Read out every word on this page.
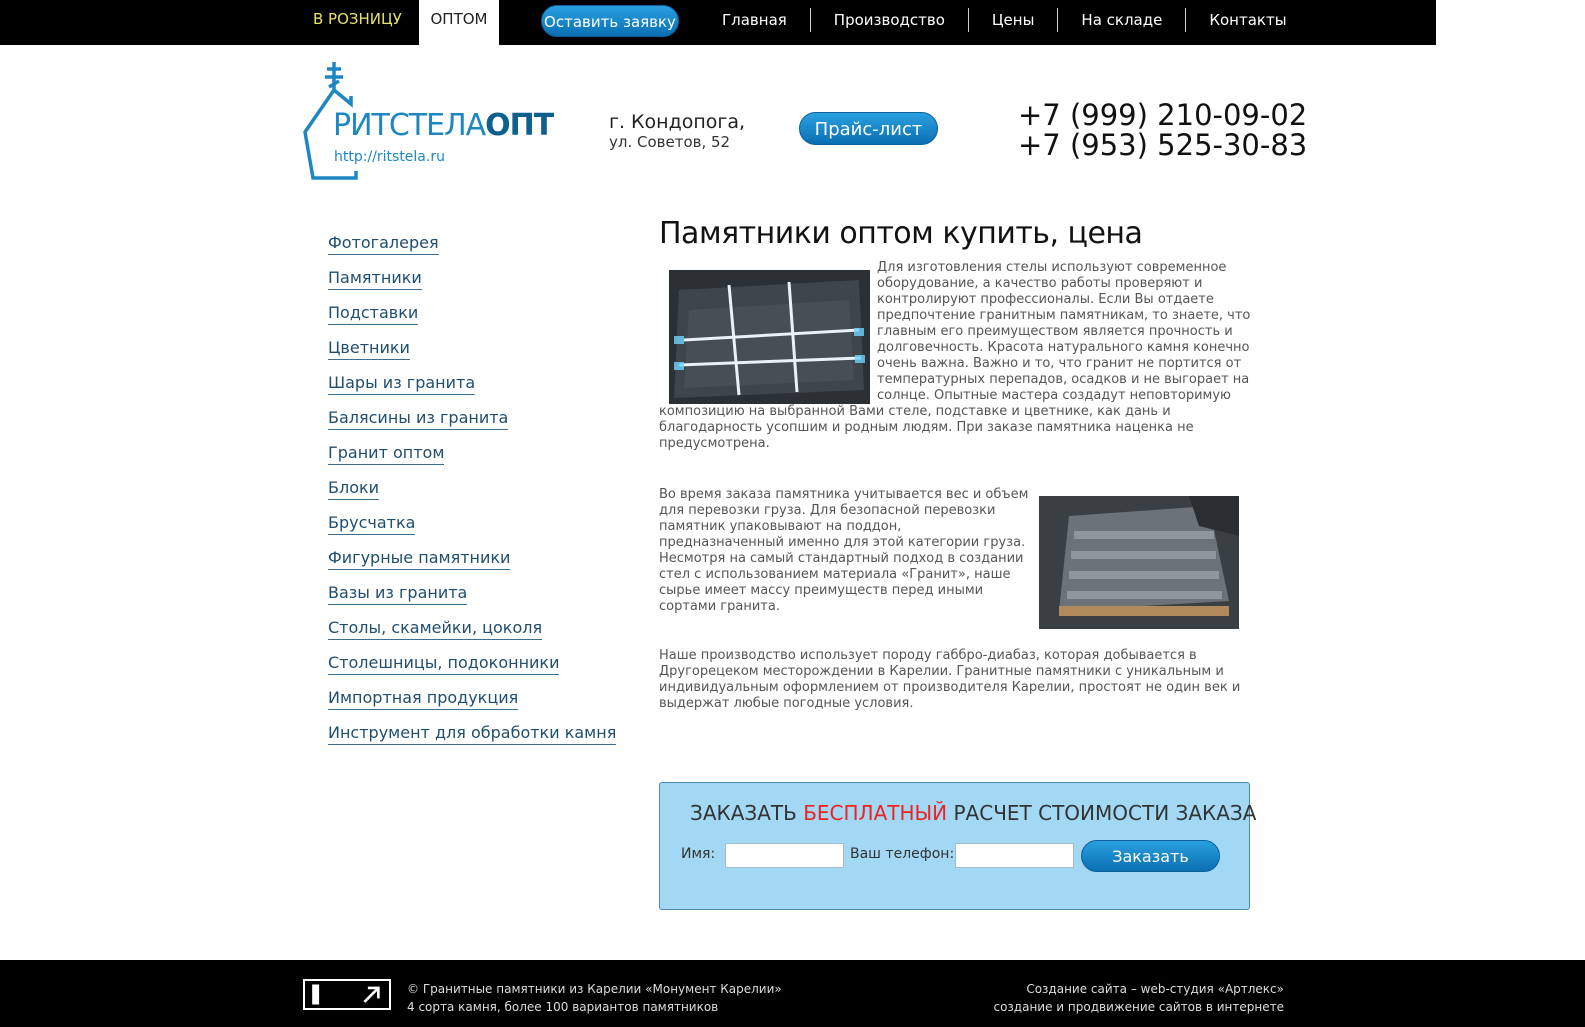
В РОЗНИЦУ	ОПТОМ	Оставить заявку	Главная	Производство	Цены	На складе	Контакты
РИТСТЕЛАОПТ
http://ritstela.ru
г. Кондопога,
ул. Советов, 52
Прайс-лист	+7 (999) 210-09-02
+7 (953) 525-30-83
Фотогалерея
Памятники
Подставки
Цветники
Шары из гранита
Балясины из гранита
Гранит оптом
Блоки
Брусчатка
Фигурные памятники
Вазы из гранита
Столы, скамейки, цоколя
Столешницы, подоконники
Импортная продукция
Инструмент для обработки камня
Памятники оптом купить, цена
Для изготовления стелы используют современное оборудование, а качество работы проверяют и контролируют профессионалы. Если Вы отдаете предпочтение гранитным памятникам, то знаете, что главным его преимуществом является прочность и долговечность. Красота натурального камня конечно очень важна. Важно и то, что гранит не портится от температурных перепадов, осадков и не выгорает на солнце. Опытные мастера создадут неповторимую композицию на выбранной Вами стеле, подставке и цветнике, как дань и благодарность усопшим и родным людям. При заказе памятника наценка не предусмотрена.
Во время заказа памятника учитывается вес и объем для перевозки груза. Для безопасной перевозки памятник упаковывают на поддон, предназначенный именно для этой категории груза. Несмотря на самый стандартный подход в создании стел с использованием материала «Гранит», наше сырье имеет массу преимуществ перед иными сортами гранита.
Наше производство использует породу габбро-диабаз, которая добывается в Другорецеком месторождении в Карелии. Гранитные памятники с уникальным и индивидуальным оформлением от производителя Карелии, простоят не один век и выдержат любые погодные условия.
ЗАКАЗАТЬ БЕСПЛАТНЫЙ РАСЧЕТ СТОИМОСТИ ЗАКАЗА
Имя:	Ваш телефон:	Заказать
© Гранитные памятники из Карелии «Монумент Карелии»
4 сорта камня, более 100 вариантов памятников
Создание сайта – web-студия «Артлекс»
создание и продвижение сайтов в интернете
